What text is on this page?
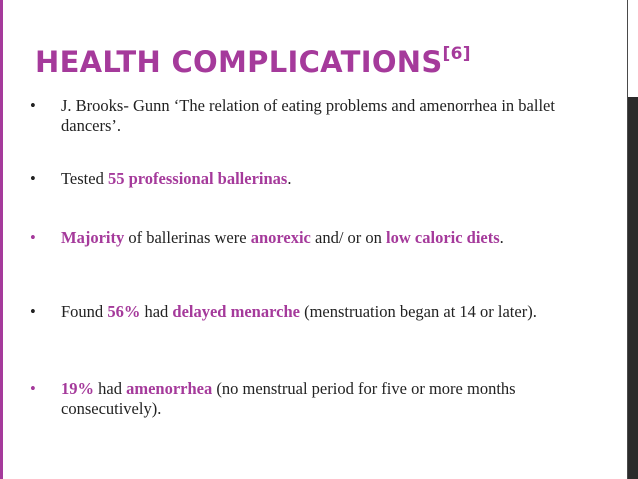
HEALTH COMPLICATIONS[6]
•	J. Brooks- Gunn ‘The relation of eating problems and amenorrhea in ballet dancers’.
•	Tested 55 professional ballerinas.
•	Majority of ballerinas were anorexic and/ or on low caloric diets.
•	Found 56% had delayed menarche (menstruation began at 14 or later).
•	19% had amenorrhea (no menstrual period for five or more months consecutively).
